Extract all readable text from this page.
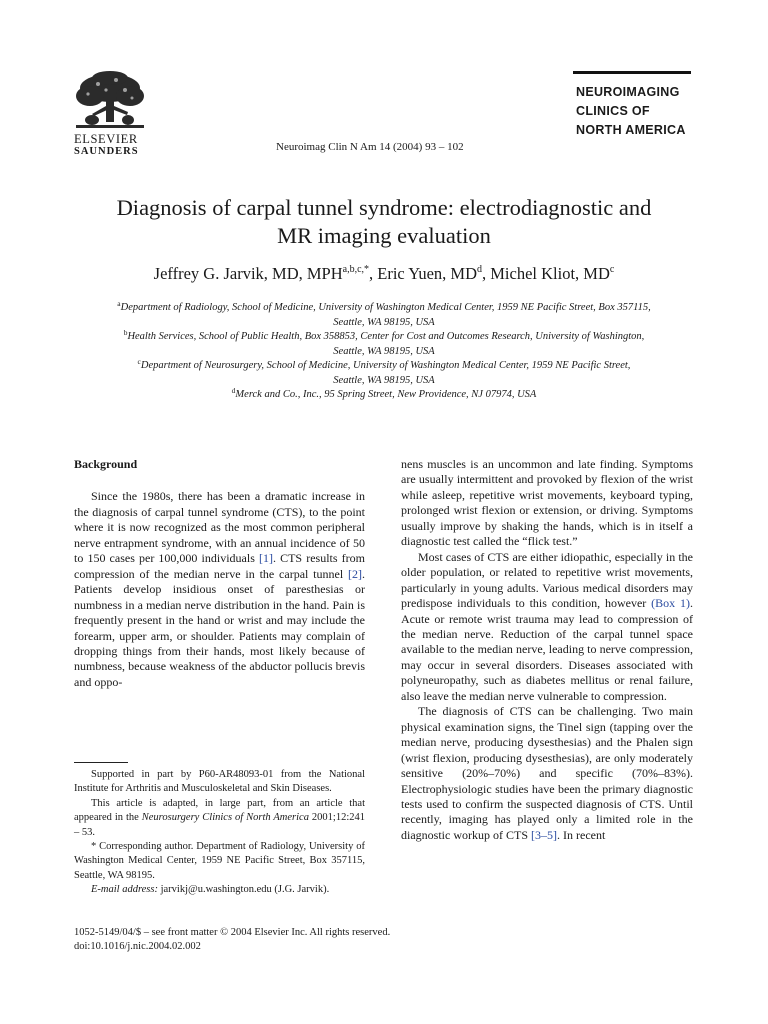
ELSEVIER
SAUNDERS	Neuroimag Clin N Am 14 (2004) 93 – 102
NEUROIMAGING
CLINICS OF
NORTH AMERICA
Diagnosis of carpal tunnel syndrome: electrodiagnostic and
MR imaging evaluation
Jeffrey G. Jarvik, MD, $MPH^{a,b,c,*}$, Eric Yuen, $MD^d$, Michel Kliot, $MD^c$
$^a$Department of Radiology, School of Medicine, University of Washington Medical Center, 1959 NE Pacific Street, Box 357115,
Seattle, WA 98195, USA
$^b$Health Services, School of Public Health, Box 358853, Center for Cost and Outcomes Research, University of Washington,
Seattle, WA 98195, USA
$^c$Department of Neurosurgery, School of Medicine, University of Washington Medical Center, 1959 NE Pacific Street,
Seattle, WA 98195, USA
$^d$Merck and Co., Inc., 95 Spring Street, New Providence, NJ 07974, USA

Background

Since the 1980s, there has been a dramatic increase in the diagnosis of carpal tunnel syndrome (CTS), to the point where it is now recognized as the most common peripheral nerve entrapment syndrome, with an annual incidence of 50 to 150 cases per 100,000 individuals [1]. CTS results from compression of the median nerve in the carpal tunnel [2]. Patients develop insidious onset of paresthesias or numbness in a median nerve distribution in the hand. Pain is frequently present in the hand or wrist and may include the forearm, upper arm, or shoulder. Patients may complain of dropping things from their hands, most likely because of numbness, because weakness of the abductor pollucis brevis and oppo-

Supported in part by P60-AR48093-01 from the National Institute for Arthritis and Musculoskeletal and Skin Diseases.

This article is adapted, in large part, from an article that appeared in the Neurosurgery Clinics of North America 2001;12:241 – 53.

* Corresponding author. Department of Radiology, University of Washington Medical Center, 1959 NE Pacific Street, Box 357115, Seattle, WA 98195.

E-mail address: jarvikj@u.washington.edu (J.G. Jarvik).

nens muscles is an uncommon and late finding. Symptoms are usually intermittent and provoked by flexion of the wrist while asleep, repetitive wrist movements, keyboard typing, prolonged wrist flexion or extension, or driving. Symptoms usually improve by shaking the hands, which is in itself a diagnostic test called the “flick test.”

Most cases of CTS are either idiopathic, especially in the older population, or related to repetitive wrist movements, particularly in young adults. Various medical disorders may predispose individuals to this condition, however (Box 1). Acute or remote wrist trauma may lead to compression of the median nerve. Reduction of the carpal tunnel space available to the median nerve, leading to nerve compression, may occur in several disorders. Diseases associated with polyneuropathy, such as diabetes mellitus or renal failure, also leave the median nerve vulnerable to compression.

The diagnosis of CTS can be challenging. Two main physical examination signs, the Tinel sign (tapping over the median nerve, producing dysesthesias) and the Phalen sign (wrist flexion, producing dysesthesias), are only moderately sensitive (20%–70%) and specific (70%–83%). Electrophysiologic studies have been the primary diagnostic tests used to confirm the suspected diagnosis of CTS. Until recently, imaging has played only a limited role in the diagnostic workup of CTS [3–5]. In recent

1052-5149/04/$ – see front matter © 2004 Elsevier Inc. All rights reserved.
doi:10.1016/j.nic.2004.02.002
